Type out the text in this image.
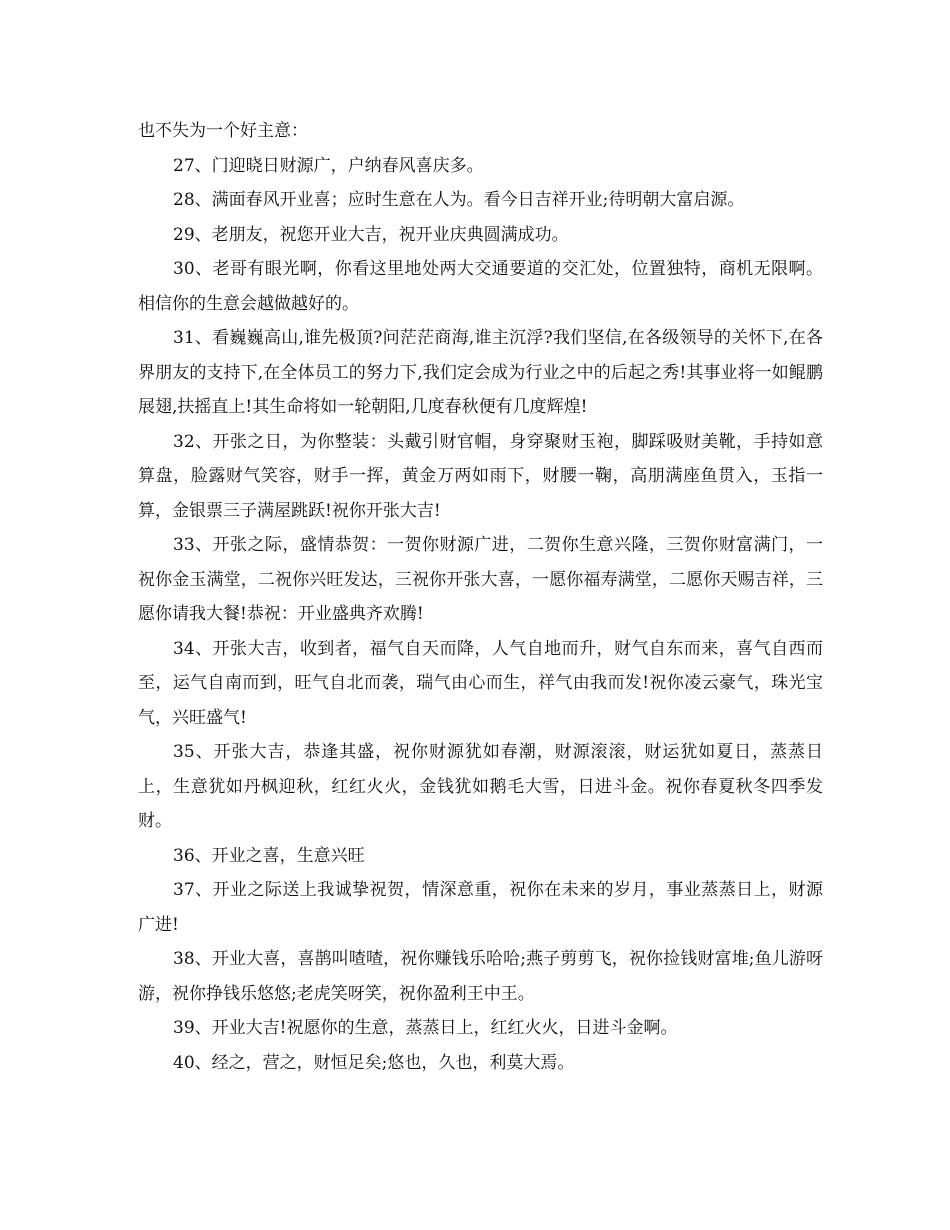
也不失为一个好主意：

27、门迎晓日财源广，户纳春风喜庆多。

28、满面春风开业喜；应时生意在人为。看今日吉祥开业;待明朝大富启源。

29、老朋友，祝您开业大吉，祝开业庆典圆满成功。

30、老哥有眼光啊，你看这里地处两大交通要道的交汇处，位置独特，商机无限啊。相信你的生意会越做越好的。

31、看巍巍高山,谁先极顶?问茫茫商海,谁主沉浮?我们坚信,在各级领导的关怀下,在各界朋友的支持下,在全体员工的努力下,我们定会成为行业之中的后起之秀!其事业将一如鲲鹏展翅,扶摇直上!其生命将如一轮朝阳,几度春秋便有几度辉煌!

32、开张之日，为你整装：头戴引财官帽，身穿聚财玉袍，脚踩吸财美靴，手持如意算盘，脸露财气笑容，财手一挥，黄金万两如雨下，财腰一鞠，高朋满座鱼贯入，玉指一算，金银票三子满屋跳跃!祝你开张大吉!

33、开张之际，盛情恭贺：一贺你财源广进，二贺你生意兴隆，三贺你财富满门，一祝你金玉满堂，二祝你兴旺发达，三祝你开张大喜，一愿你福寿满堂，二愿你天赐吉祥，三愿你请我大餐!恭祝：开业盛典齐欢腾!

34、开张大吉，收到者，福气自天而降，人气自地而升，财气自东而来，喜气自西而至，运气自南而到，旺气自北而袭，瑞气由心而生，祥气由我而发!祝你凌云豪气，珠光宝气，兴旺盛气!

35、开张大吉，恭逢其盛，祝你财源犹如春潮，财源滚滚，财运犹如夏日，蒸蒸日上，生意犹如丹枫迎秋，红红火火，金钱犹如鹅毛大雪，日进斗金。祝你春夏秋冬四季发财。

36、开业之喜，生意兴旺

37、开业之际送上我诚挚祝贺，情深意重，祝你在未来的岁月，事业蒸蒸日上，财源广进!

38、开业大喜，喜鹊叫喳喳，祝你赚钱乐哈哈;燕子剪剪飞，祝你捡钱财富堆;鱼儿游呀游，祝你挣钱乐悠悠;老虎笑呀笑，祝你盈利王中王。

39、开业大吉!祝愿你的生意，蒸蒸日上，红红火火，日进斗金啊。

40、经之，营之，财恒足矣;悠也，久也，利莫大焉。
